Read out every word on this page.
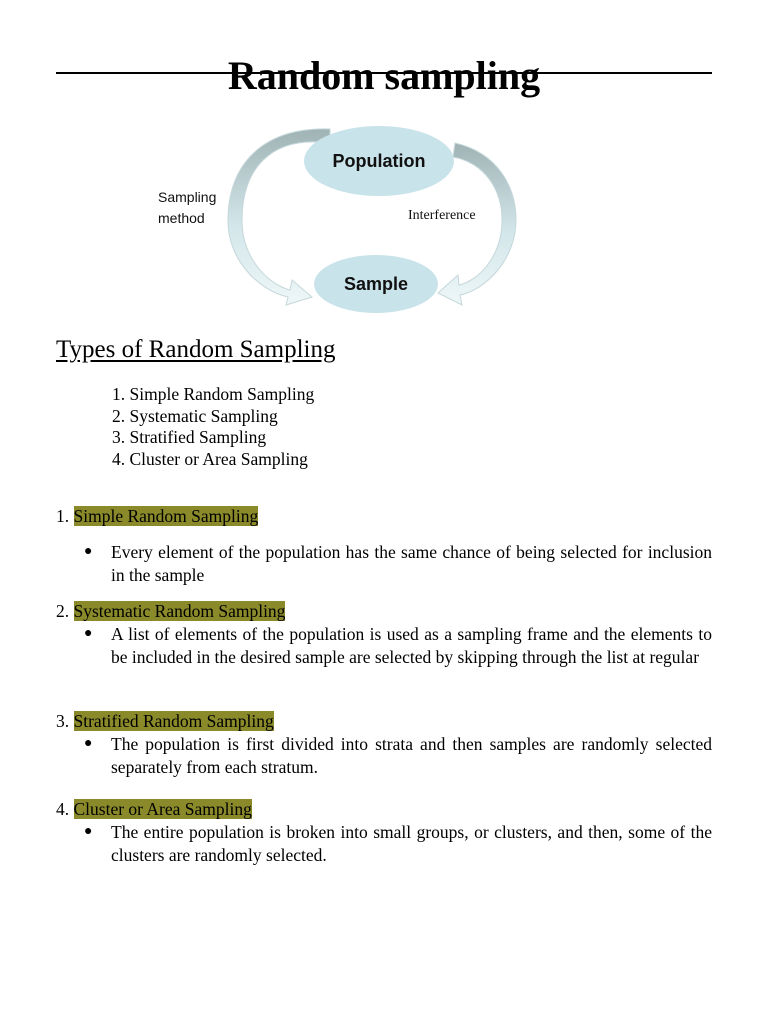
Random sampling
Population
Sample
Sampling
method	Interference
Types of Random Sampling
1. Simple Random Sampling
2. Systematic Sampling
3. Stratified Sampling
4. Cluster or Area Sampling
1. Simple Random Sampling
● Every element of the population has the same chance of being selected for inclusion in the sample
2. Systematic Random Sampling
● A list of elements of the population is used as a sampling frame and the elements to be included in the desired sample are selected by skipping through the list at regular
3. Stratified Random Sampling
● The population is first divided into strata and then samples are randomly selected separately from each stratum.
4. Cluster or Area Sampling
● The entire population is broken into small groups, or clusters, and then, some of the clusters are randomly selected.
